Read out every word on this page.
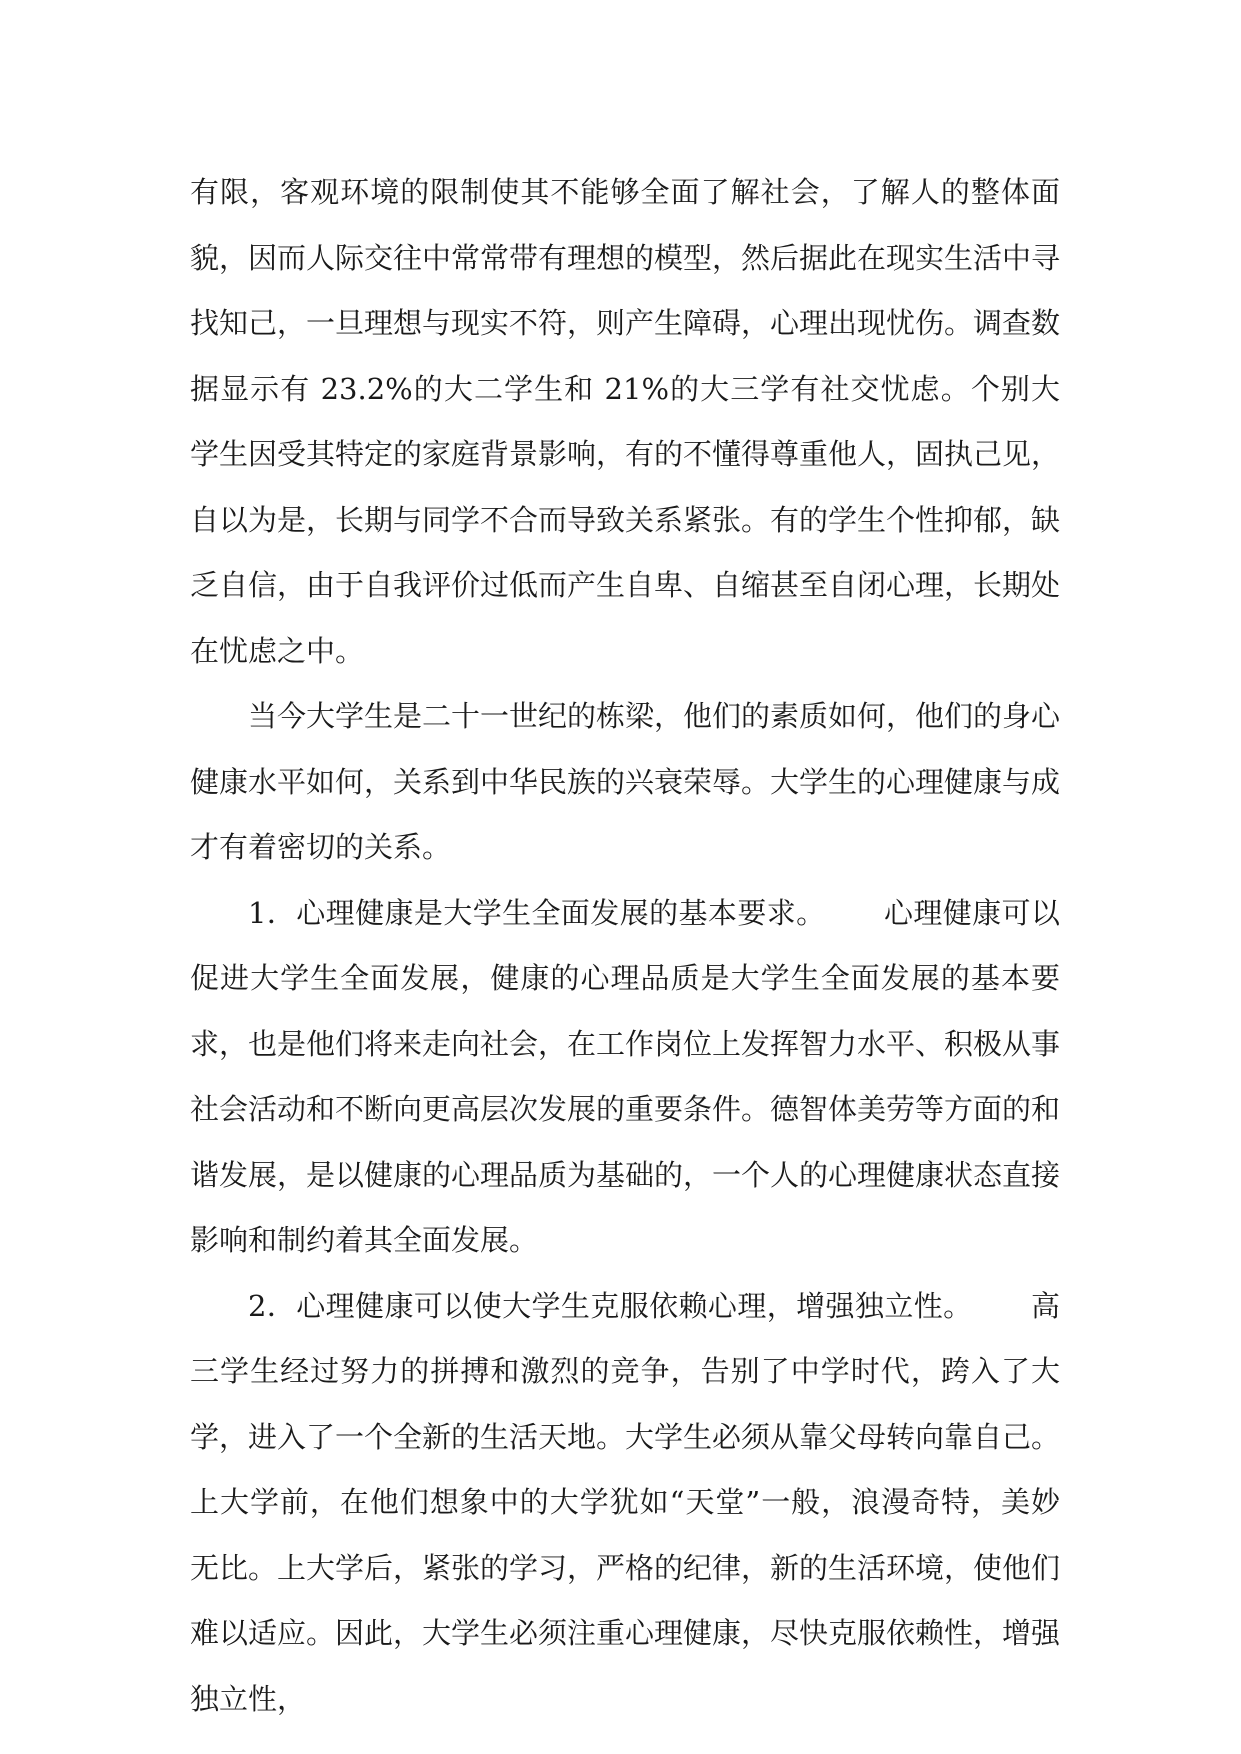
有限，客观环境的限制使其不能够全面了解社会，了解人的整体面貌，因而人际交往中常常带有理想的模型，然后据此在现实生活中寻找知己，一旦理想与现实不符，则产生障碍，心理出现忧伤。调查数据显示有 23.2%的大二学生和 21%的大三学有社交忧虑。个别大学生因受其特定的家庭背景影响，有的不懂得尊重他人，固执己见，自以为是，长期与同学不合而导致关系紧张。有的学生个性抑郁，缺乏自信，由于自我评价过低而产生自卑、自缩甚至自闭心理，长期处在忧虑之中。

当今大学生是二十一世纪的栋梁，他们的素质如何，他们的身心健康水平如何，关系到中华民族的兴衰荣辱。大学生的心理健康与成才有着密切的关系。

1．心理健康是大学生全面发展的基本要求。 心理健康可以促进大学生全面发展，健康的心理品质是大学生全面发展的基本要求，也是他们将来走向社会，在工作岗位上发挥智力水平、积极从事社会活动和不断向更高层次发展的重要条件。德智体美劳等方面的和谐发展，是以健康的心理品质为基础的，一个人的心理健康状态直接影响和制约着其全面发展。

2．心理健康可以使大学生克服依赖心理，增强独立性。 高三学生经过努力的拼搏和激烈的竞争，告别了中学时代，跨入了大学，进入了一个全新的生活天地。大学生必须从靠父母转向靠自己。上大学前，在他们想象中的大学犹如“天堂”一般，浪漫奇特，美妙无比。上大学后，紧张的学习，严格的纪律，新的生活环境，使他们难以适应。因此，大学生必须注重心理健康，尽快克服依赖性，增强独立性，
